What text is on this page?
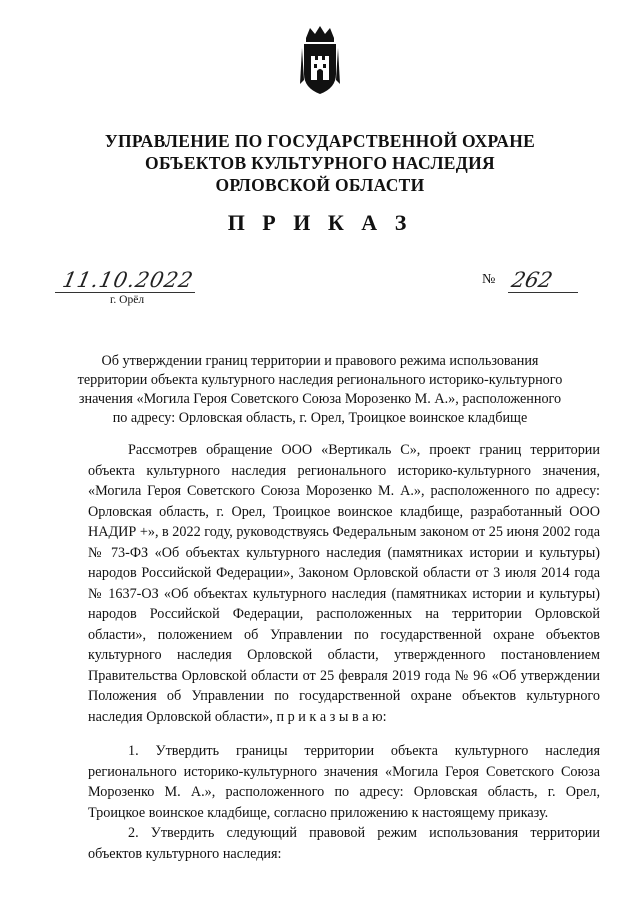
УПРАВЛЕНИЕ ПО ГОСУДАРСТВЕННОЙ ОХРАНЕ
ОБЪЕКТОВ КУЛЬТУРНОГО НАСЛЕДИЯ
ОРЛОВСКОЙ ОБЛАСТИ
П Р И К А З
11.10.2022
г. Орёл
№ 262
Об утверждении границ территории и правового режима использования
территории объекта культурного наследия регионального историко-культурного
значения «Могила Героя Советского Союза Морозенко М. А.», расположенного
по адресу: Орловская область, г. Орел, Троицкое воинское кладбище

Рассмотрев обращение ООО «Вертикаль С», проект границ территории объекта культурного наследия регионального историко-культурного значения, «Могила Героя Советского Союза Морозенко М. А.», расположенного по адресу: Орловская область, г. Орел, Троицкое воинское кладбище, разработанный ООО НАДИР +», в 2022 году, руководствуясь Федеральным законом от 25 июня 2002 года № 73-ФЗ «Об объектах культурного наследия (памятниках истории и культуры) народов Российской Федерации», Законом Орловской области от 3 июля 2014 года № 1637-ОЗ «Об объектах культурного наследия (памятниках истории и культуры) народов Российской Федерации, расположенных на территории Орловской области», положением об Управлении по государственной охране объектов культурного наследия Орловской области, утвержденного постановлением Правительства Орловской области от 25 февраля 2019 года № 96 «Об утверждении Положения об Управлении по государственной охране объектов культурного наследия Орловской области», п р и к а з ы в а ю:

1. Утвердить границы территории объекта культурного наследия регионального историко-культурного значения «Могила Героя Советского Союза Морозенко М. А.», расположенного по адресу: Орловская область, г. Орел, Троицкое воинское кладбище, согласно приложению к настоящему приказу.

2. Утвердить следующий правовой режим использования территории объектов культурного наследия:
